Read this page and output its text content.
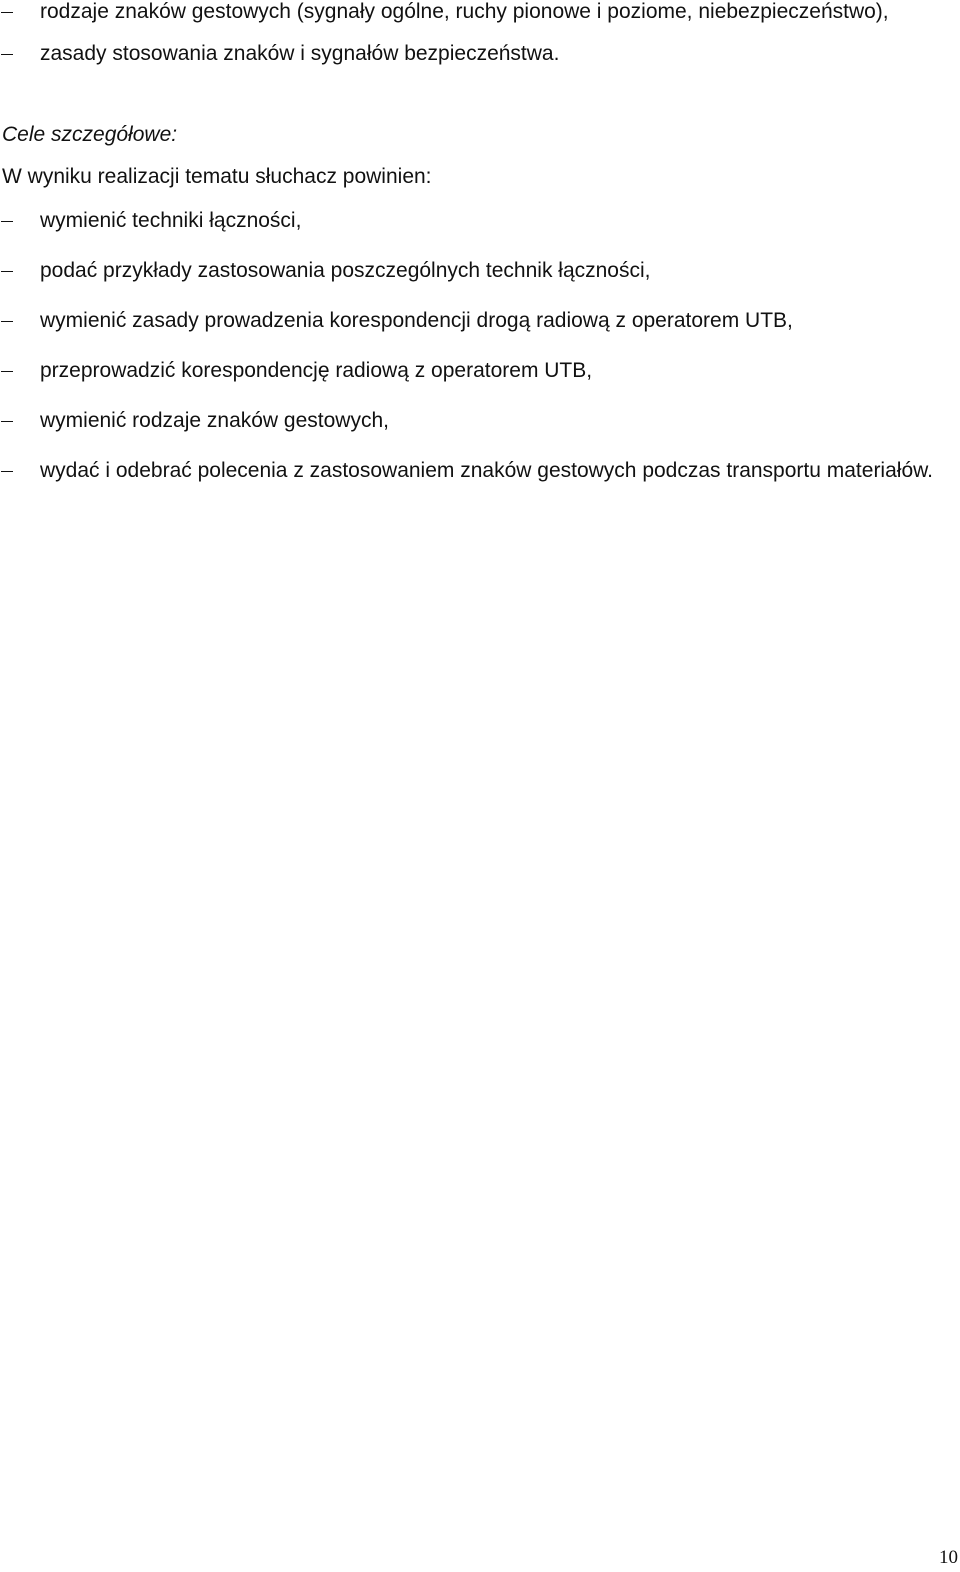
rodzaje znaków gestowych (sygnały ogólne, ruchy pionowe i poziome, niebezpieczeństwo),
zasady stosowania znaków i sygnałów bezpieczeństwa.
Cele szczegółowe:
W wyniku realizacji tematu słuchacz powinien:
wymienić techniki łączności,
podać przykłady zastosowania poszczególnych technik łączności,
wymienić zasady prowadzenia korespondencji drogą radiową z operatorem UTB,
przeprowadzić korespondencję radiową z operatorem UTB,
wymienić rodzaje znaków gestowych,
wydać i odebrać polecenia z zastosowaniem znaków gestowych podczas transportu materiałów.
10
